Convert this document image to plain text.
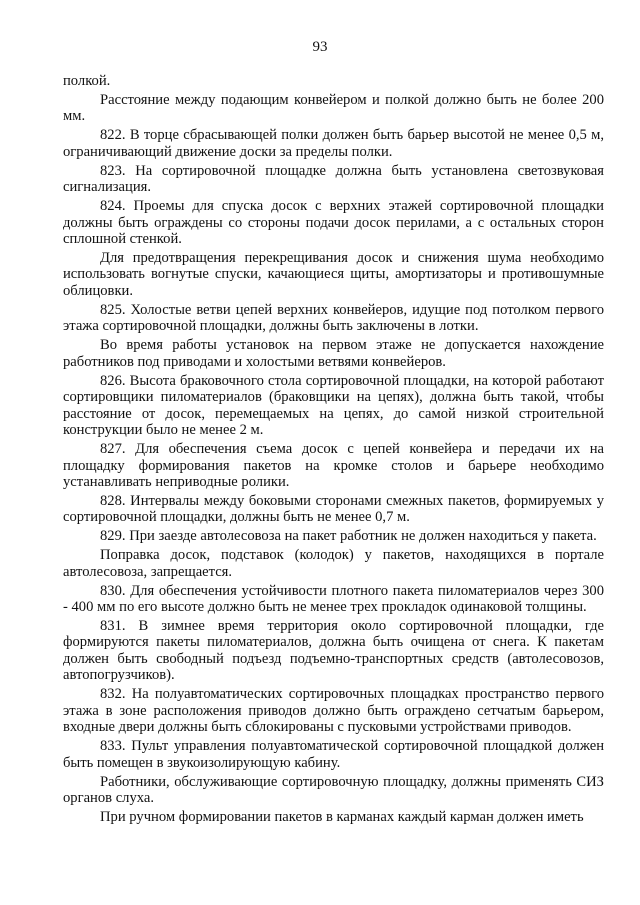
93

полкой.

Расстояние между подающим конвейером и полкой должно быть не более 200 мм.

822. В торце сбрасывающей полки должен быть барьер высотой не менее 0,5 м, ограничивающий движение доски за пределы полки.

823. На сортировочной площадке должна быть установлена светозвуковая сигнализация.

824. Проемы для спуска досок с верхних этажей сортировочной площадки должны быть ограждены со стороны подачи досок перилами, а с остальных сторон сплошной стенкой.

Для предотвращения перекрещивания досок и снижения шума необходимо использовать вогнутые спуски, качающиеся щиты, амортизаторы и противошумные облицовки.

825. Холостые ветви цепей верхних конвейеров, идущие под потолком первого этажа сортировочной площадки, должны быть заключены в лотки.

Во время работы установок на первом этаже не допускается нахождение работников под приводами и холостыми ветвями конвейеров.

826. Высота браковочного стола сортировочной площадки, на которой работают сортировщики пиломатериалов (браковщики на цепях), должна быть такой, чтобы расстояние от досок, перемещаемых на цепях, до самой низкой строительной конструкции было не менее 2 м.

827. Для обеспечения съема досок с цепей конвейера и передачи их на площадку формирования пакетов на кромке столов и барьере необходимо устанавливать неприводные ролики.

828. Интервалы между боковыми сторонами смежных пакетов, формируемых у сортировочной площадки, должны быть не менее 0,7 м.

829. При заезде автолесовоза на пакет работник не должен находиться у пакета.

Поправка досок, подставок (колодок) у пакетов, находящихся в портале автолесовоза, запрещается.

830. Для обеспечения устойчивости плотного пакета пиломатериалов через 300 - 400 мм по его высоте должно быть не менее трех прокладок одинаковой толщины.

831. В зимнее время территория около сортировочной площадки, где формируются пакеты пиломатериалов, должна быть очищена от снега. К пакетам должен быть свободный подъезд подъемно-транспортных средств (автолесовозов, автопогрузчиков).

832. На полуавтоматических сортировочных площадках пространство первого этажа в зоне расположения приводов должно быть ограждено сетчатым барьером, входные двери должны быть сблокированы с пусковыми устройствами приводов.

833. Пульт управления полуавтоматической сортировочной площадкой должен быть помещен в звукоизолирующую кабину.

Работники, обслуживающие сортировочную площадку, должны применять СИЗ органов слуха.

При ручном формировании пакетов в карманах каждый карман должен иметь
